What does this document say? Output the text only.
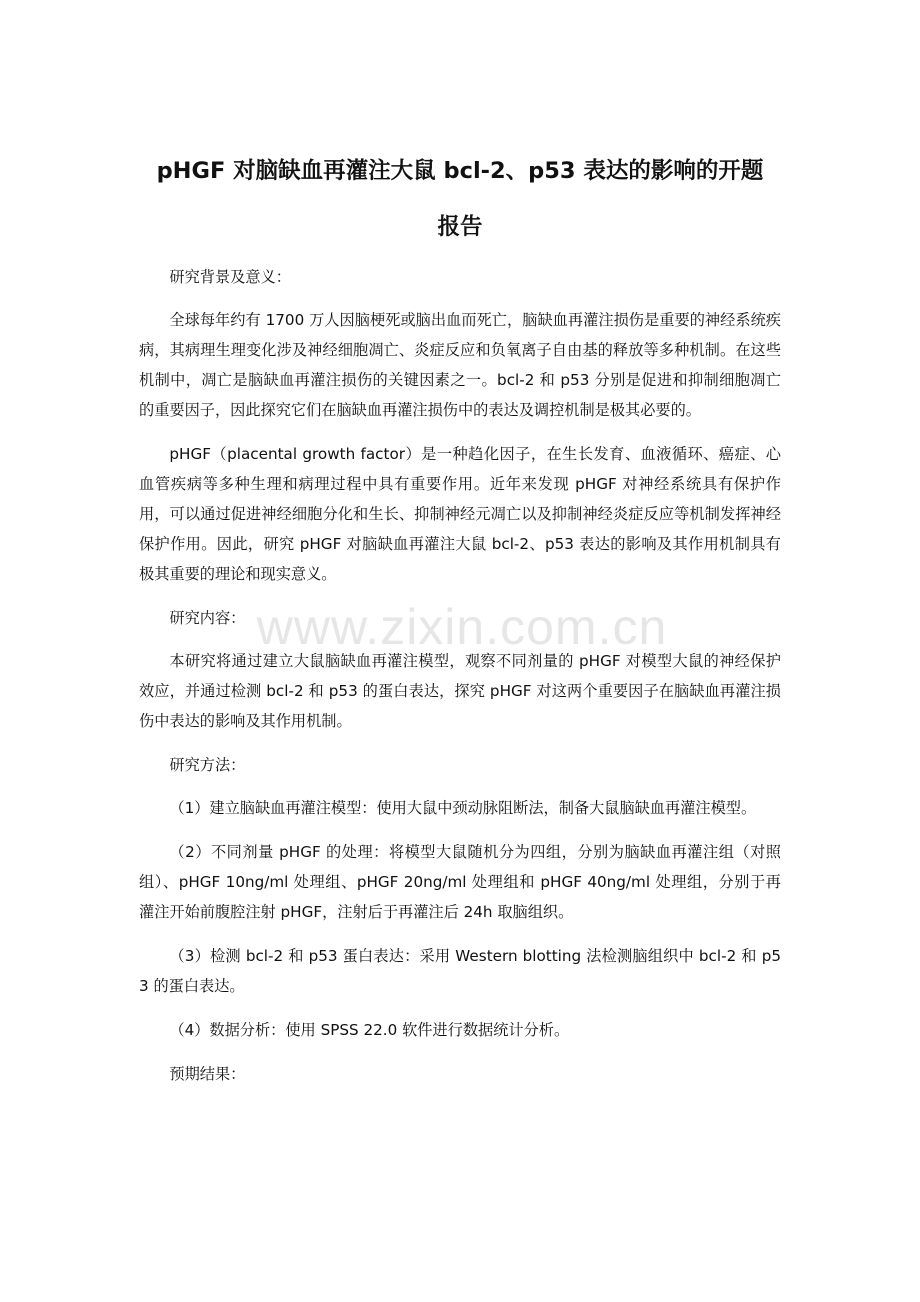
pHGF 对脑缺血再灌注大鼠 bcl-2、p53 表达的影响的开题
报告

研究背景及意义：

全球每年约有 1700 万人因脑梗死或脑出血而死亡，脑缺血再灌注损伤是重要的神经系统疾病，其病理生理变化涉及神经细胞凋亡、炎症反应和负氧离子自由基的释放等多种机制。在这些机制中，凋亡是脑缺血再灌注损伤的关键因素之一。bcl-2 和 p53 分别是促进和抑制细胞凋亡的重要因子，因此探究它们在脑缺血再灌注损伤中的表达及调控机制是极其必要的。

pHGF（placental growth factor）是一种趋化因子，在生长发育、血液循环、癌症、心血管疾病等多种生理和病理过程中具有重要作用。近年来发现 pHGF 对神经系统具有保护作用，可以通过促进神经细胞分化和生长、抑制神经元凋亡以及抑制神经炎症反应等机制发挥神经保护作用。因此，研究 pHGF 对脑缺血再灌注大鼠 bcl-2、p53 表达的影响及其作用机制具有极其重要的理论和现实意义。

研究内容：

本研究将通过建立大鼠脑缺血再灌注模型，观察不同剂量的 pHGF 对模型大鼠的神经保护效应，并通过检测 bcl-2 和 p53 的蛋白表达，探究 pHGF 对这两个重要因子在脑缺血再灌注损伤中表达的影响及其作用机制。

研究方法：

（1）建立脑缺血再灌注模型：使用大鼠中颈动脉阻断法，制备大鼠脑缺血再灌注模型。

（2）不同剂量 pHGF 的处理：将模型大鼠随机分为四组，分别为脑缺血再灌注组（对照组）、pHGF 10ng/ml 处理组、pHGF 20ng/ml 处理组和 pHGF 40ng/ml 处理组，分别于再灌注开始前腹腔注射 pHGF，注射后于再灌注后 24h 取脑组织。

（3）检测 bcl-2 和 p53 蛋白表达：采用 Western blotting 法检测脑组织中 bcl-2 和 p53 的蛋白表达。

（4）数据分析：使用 SPSS 22.0 软件进行数据统计分析。

预期结果：

www.zixin.com.cn
